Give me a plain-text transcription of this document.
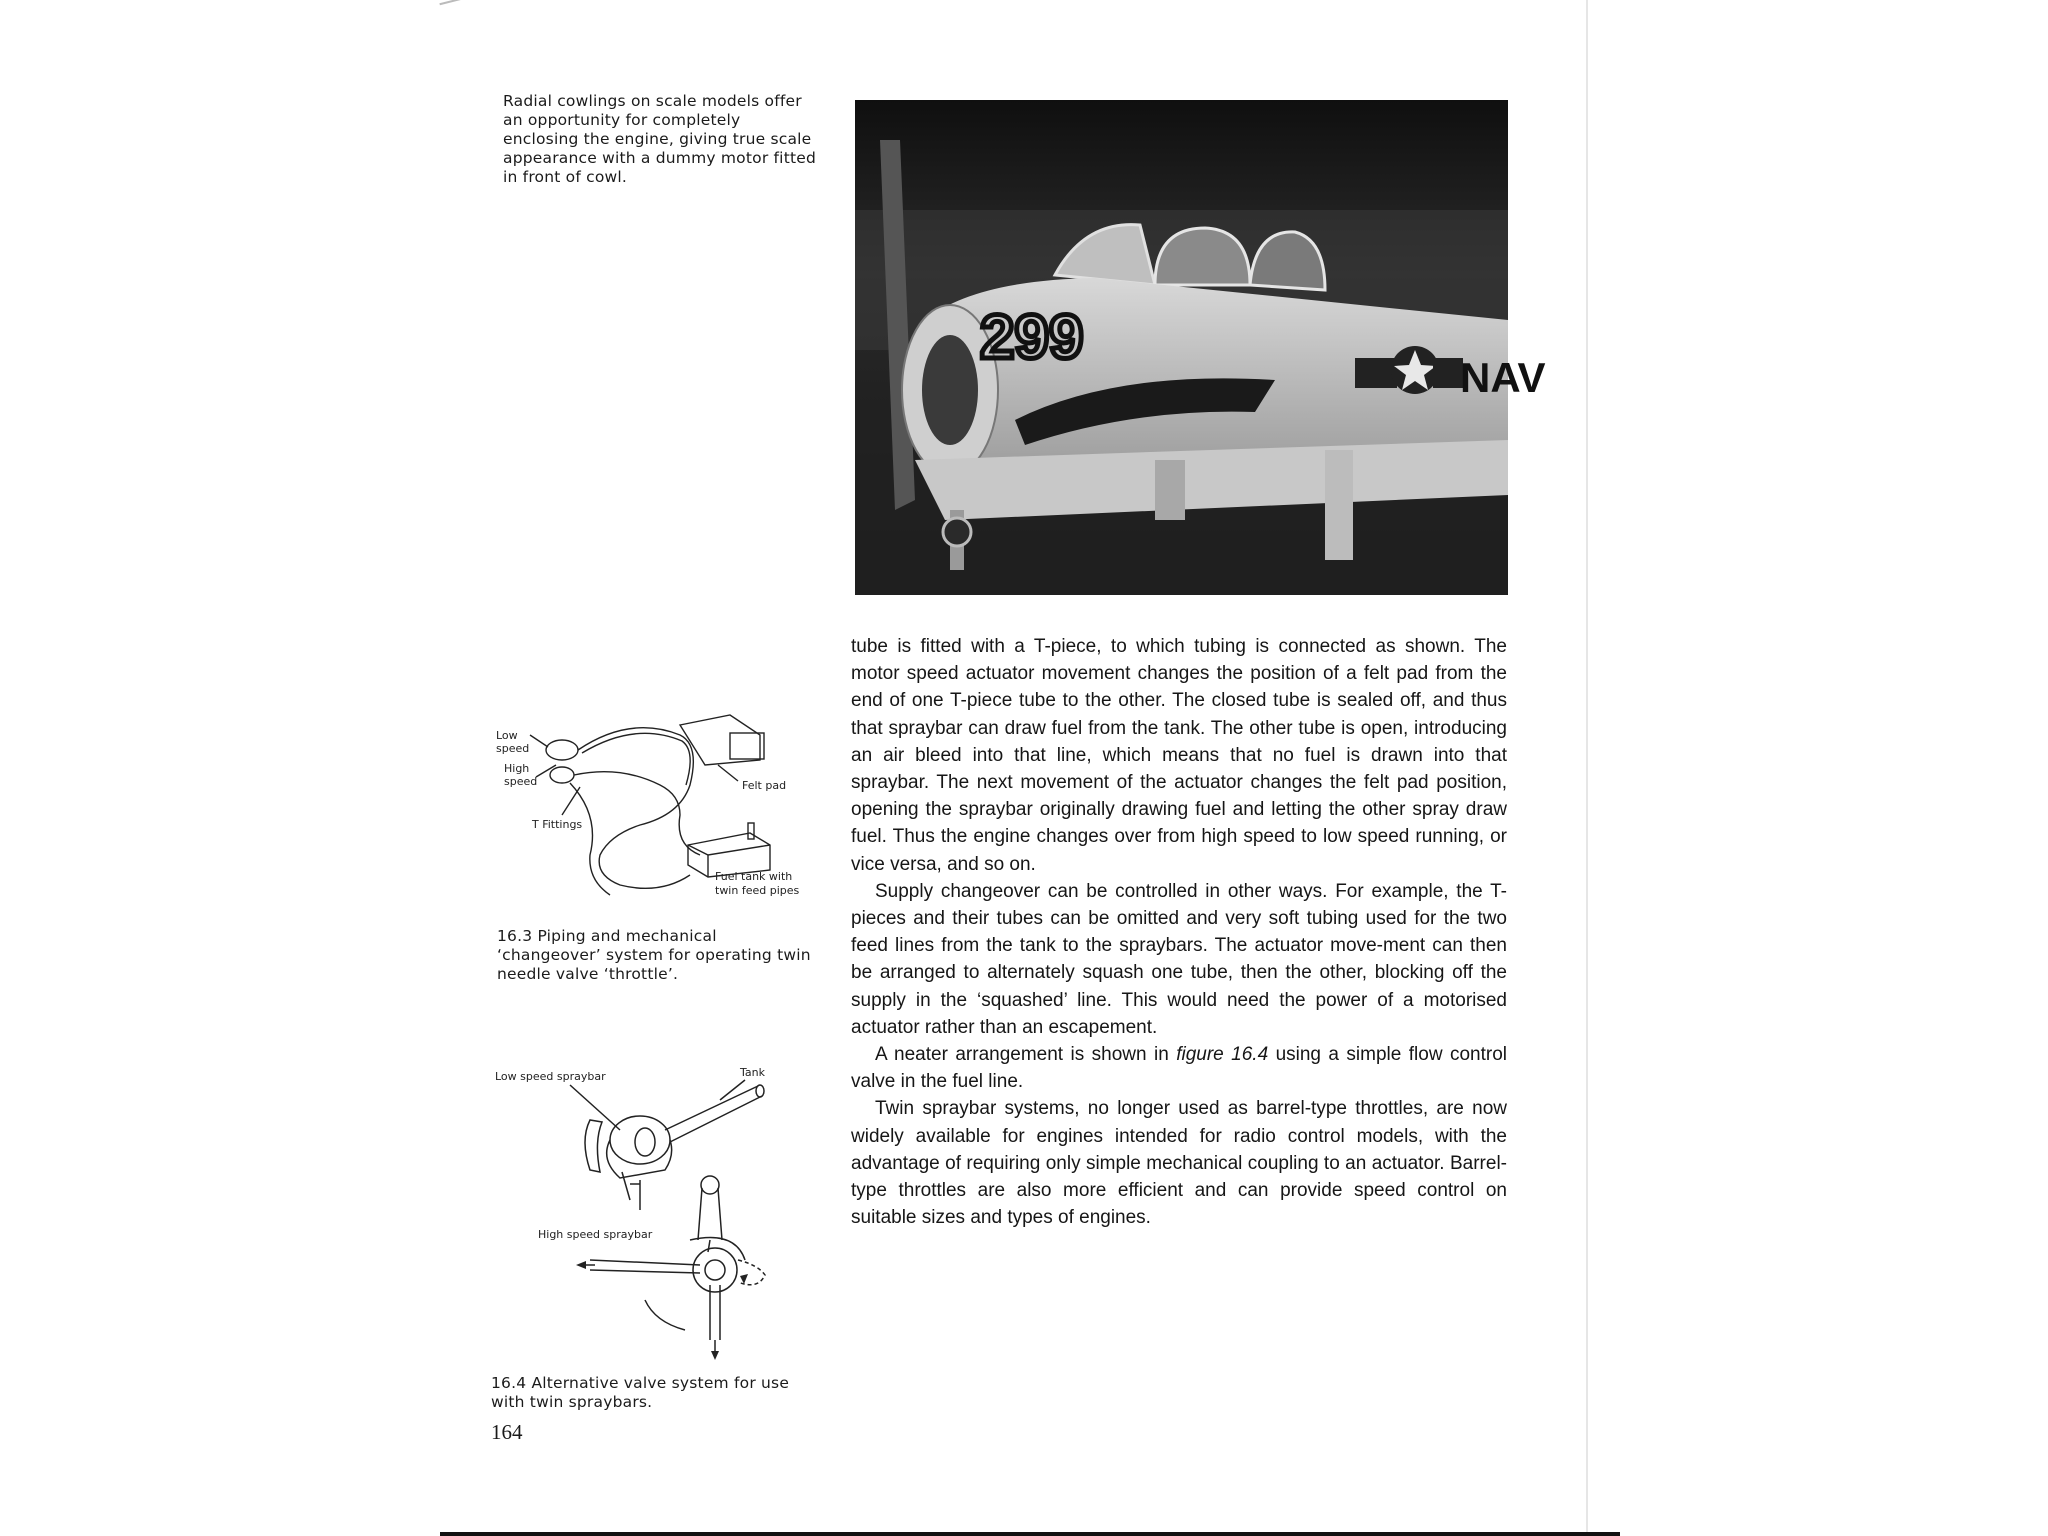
Radial cowlings on scale models offer
an opportunity for completely
enclosing the engine, giving true scale
appearance with a dummy motor fitted
in front of cowl.
299
NAV
Low
speed
High
speed
T Fittings
Felt pad
Fuel tank with
twin feed pipes
16.3 Piping and mechanical
‘changeover’ system for operating twin
needle valve ‘throttle’.
Low speed spraybar	Tank
High speed spraybar
16.4 Alternative valve system for use
with twin spraybars.
164

tube is fitted with a T-piece, to which tubing is connected as shown. The motor speed actuator movement changes the position of a felt pad from the end of one T-piece tube to the other. The closed tube is sealed off, and thus that spraybar can draw fuel from the tank. The other tube is open, introducing an air bleed into that line, which means that no fuel is drawn into that spraybar. The next movement of the actuator changes the felt pad position, opening the spraybar originally drawing fuel and letting the other spray draw fuel. Thus the engine changes over from high speed to low speed running, or vice versa, and so on.

Supply changeover can be controlled in other ways. For example, the T-pieces and their tubes can be omitted and very soft tubing used for the two feed lines from the tank to the spraybars. The actuator move-ment can then be arranged to alternately squash one tube, then the other, blocking off the supply in the ‘squashed’ line. This would need the power of a motorised actuator rather than an escapement.

A neater arrangement is shown in figure 16.4 using a simple flow control valve in the fuel line.

Twin spraybar systems, no longer used as barrel-type throttles, are now widely available for engines intended for radio control models, with the advantage of requiring only simple mechanical coupling to an actuator. Barrel-type throttles are also more efficient and can provide speed control on suitable sizes and types of engines.
